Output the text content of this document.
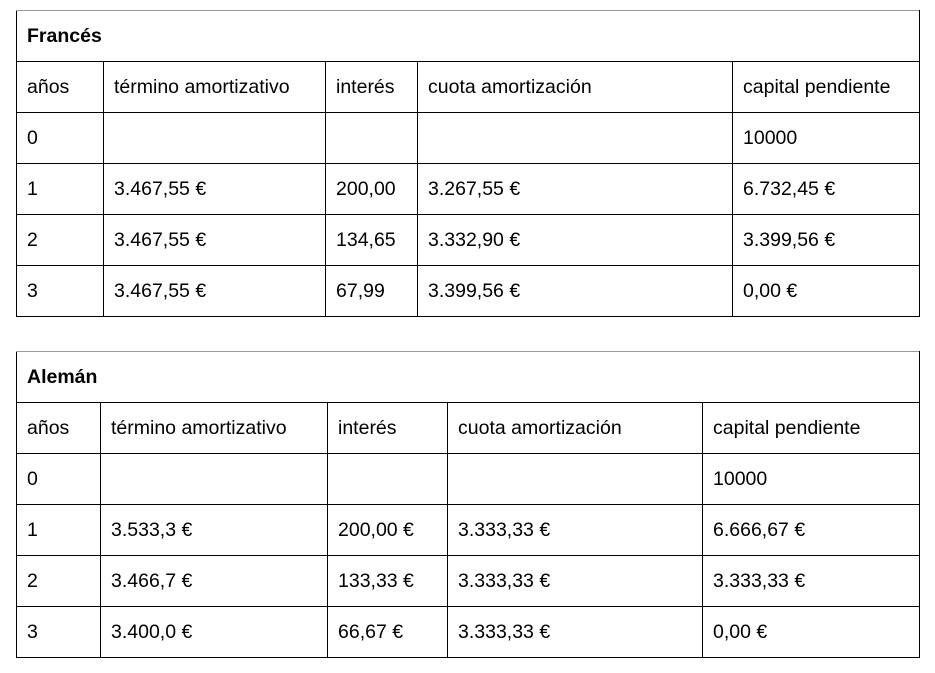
Francés				
años	término amortizativo	interés	cuota amortización	capital pendiente
0				10000
1	3.467,55 €	200,00	3.267,55 €	6.732,45 €
2	3.467,55 €	134,65	3.332,90 €	3.399,56 €
3	3.467,55 €	67,99	3.399,56 €	0,00 €
Alemán				
años	término amortizativo	interés	cuota amortización	capital pendiente
0				10000
1	3.533,3 €	200,00 €	3.333,33 €	6.666,67 €
2	3.466,7 €	133,33 €	3.333,33 €	3.333,33 €
3	3.400,0 €	66,67 €	3.333,33 €	0,00 €
